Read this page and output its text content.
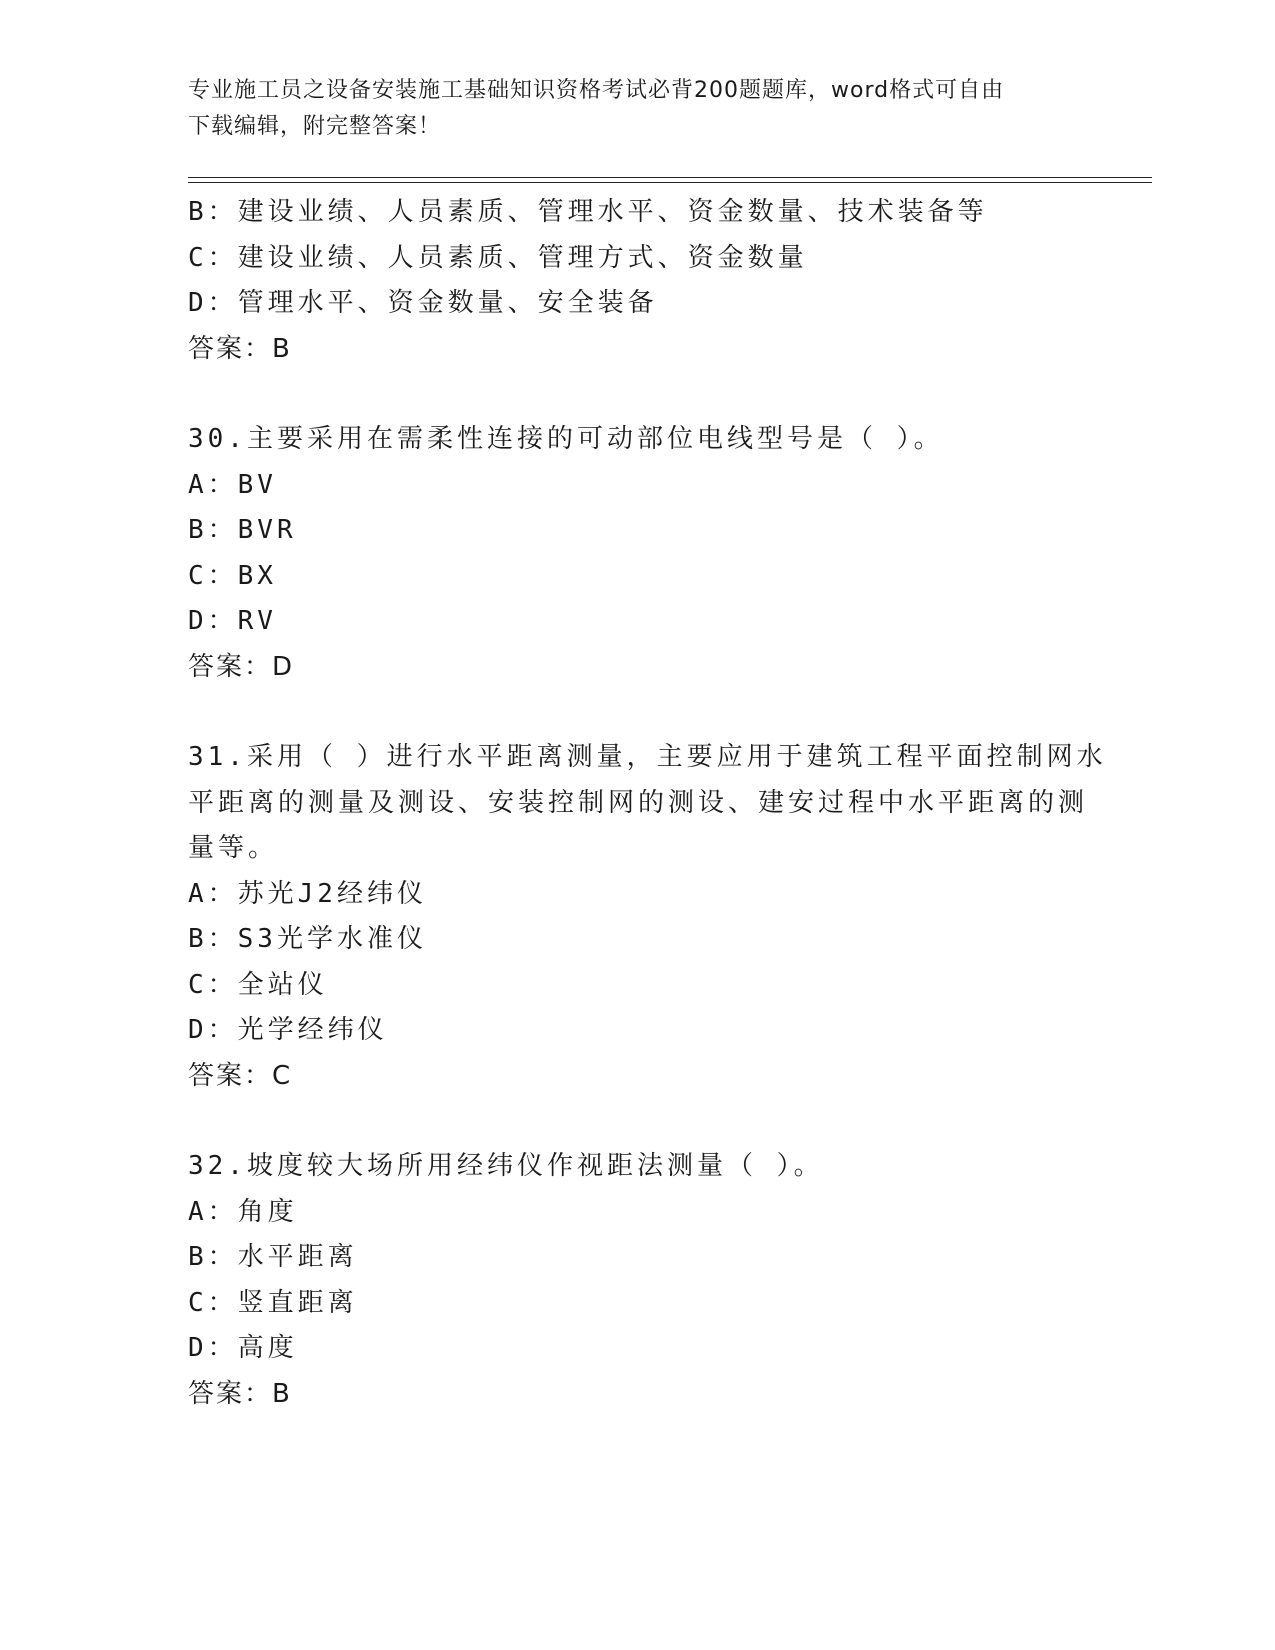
专业施工员之设备安装施工基础知识资格考试必背200题题库，word格式可自由
下载编辑，附完整答案！
B：建设业绩、人员素质、管理水平、资金数量、技术装备等
C：建设业绩、人员素质、管理方式、资金数量
D：管理水平、资金数量、安全装备
答案：B
30.主要采用在需柔性连接的可动部位电线型号是（ ）。
A：BV
B：BVR
C：BX
D：RV
答案：D
31.采用（ ）进行水平距离测量，主要应用于建筑工程平面控制网水
平距离的测量及测设、安装控制网的测设、建安过程中水平距离的测
量等。
A：苏光J2经纬仪
B：S3光学水准仪
C：全站仪
D：光学经纬仪
答案：C
32.坡度较大场所用经纬仪作视距法测量（ ）。
A：角度
B：水平距离
C：竖直距离
D：高度
答案：B
